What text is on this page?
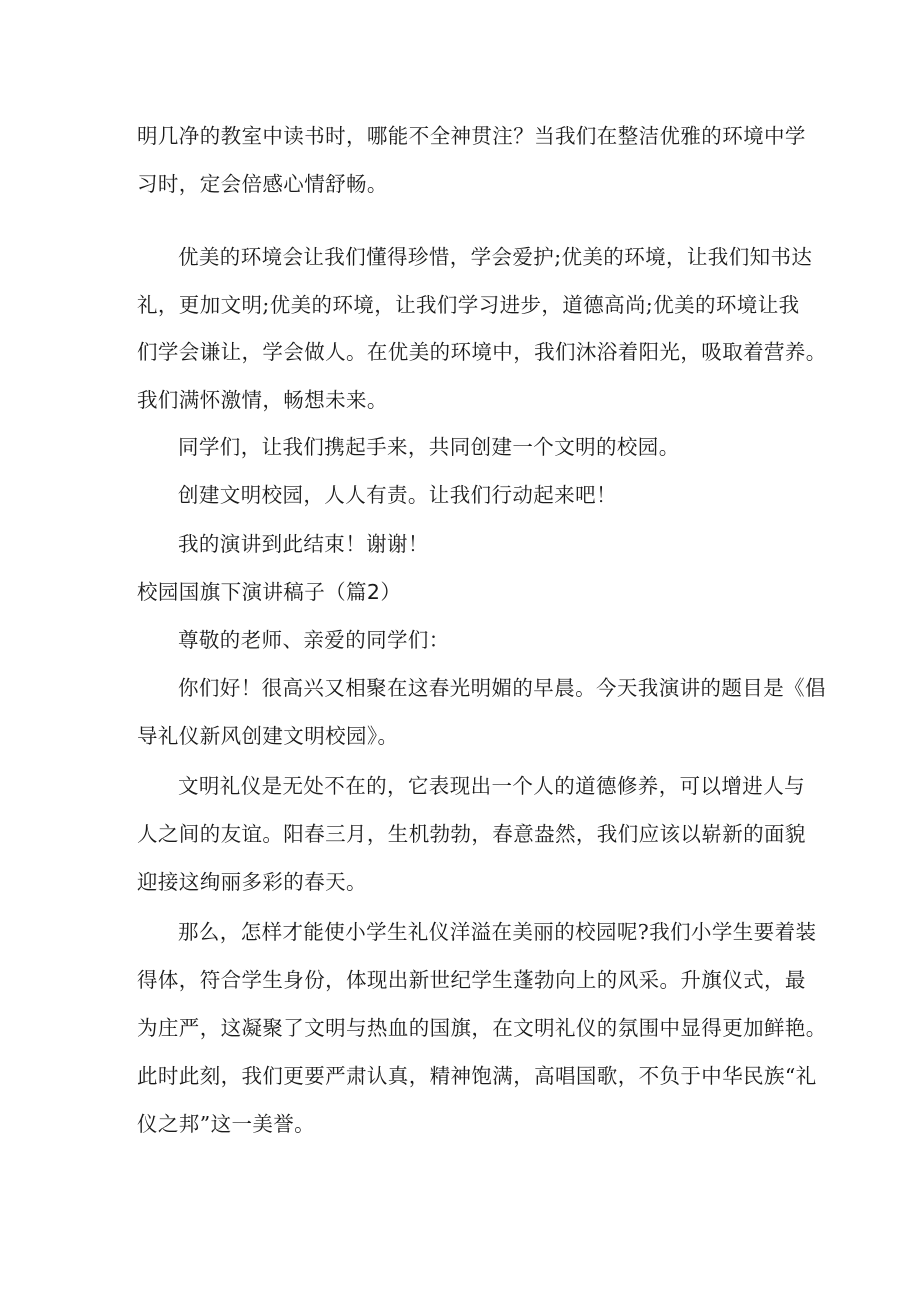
明几净的教室中读书时，哪能不全神贯注？当我们在整洁优雅的环境中学
习时，定会倍感心情舒畅。
优美的环境会让我们懂得珍惜，学会爱护;优美的环境，让我们知书达
礼，更加文明;优美的环境，让我们学习进步，道德高尚;优美的环境让我
们学会谦让，学会做人。在优美的环境中，我们沐浴着阳光，吸取着营养。
我们满怀激情，畅想未来。
同学们，让我们携起手来，共同创建一个文明的校园。
创建文明校园，人人有责。让我们行动起来吧！
我的演讲到此结束！谢谢！
校园国旗下演讲稿子（篇2）
尊敬的老师、亲爱的同学们：
你们好！很高兴又相聚在这春光明媚的早晨。今天我演讲的题目是《倡
导礼仪新风创建文明校园》。
文明礼仪是无处不在的，它表现出一个人的道德修养，可以增进人与
人之间的友谊。阳春三月，生机勃勃，春意盎然，我们应该以崭新的面貌
迎接这绚丽多彩的春天。
那么，怎样才能使小学生礼仪洋溢在美丽的校园呢?我们小学生要着装
得体，符合学生身份，体现出新世纪学生蓬勃向上的风采。升旗仪式，最
为庄严，这凝聚了文明与热血的国旗，在文明礼仪的氛围中显得更加鲜艳。
此时此刻，我们更要严肃认真，精神饱满，高唱国歌，不负于中华民族“礼
仪之邦”这一美誉。
